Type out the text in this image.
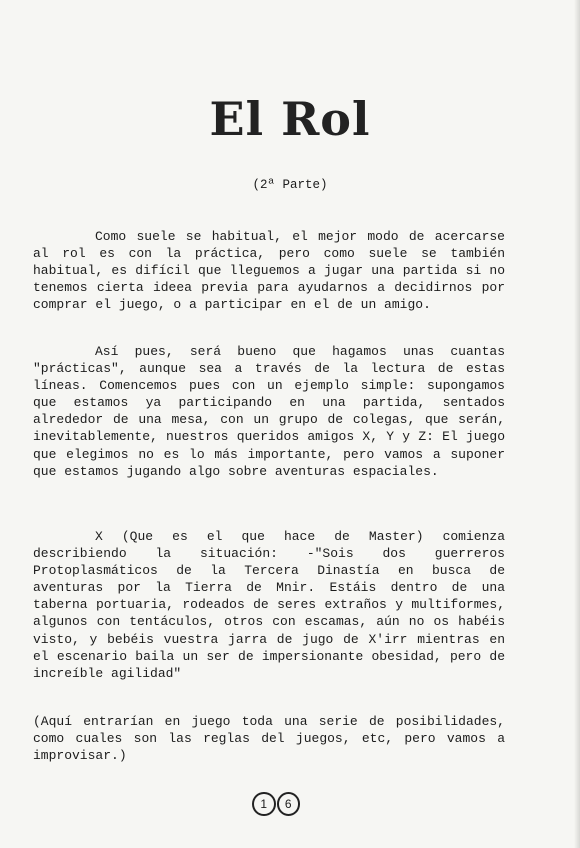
El Rol
(2ª Parte)

Como suele se habitual, el mejor modo de acercarse al rol es con la práctica, pero como suele se también habitual, es difícil que lleguemos a jugar una partida si no tenemos cierta ideea previa para ayudarnos a decidirnos por comprar el juego, o a participar en el de un amigo.

Así pues, será bueno que hagamos unas cuantas "prácticas", aunque sea a través de la lectura de estas líneas. Comencemos pues con un ejemplo simple: supongamos que estamos ya participando en una partida, sentados alrededor de una mesa, con un grupo de colegas, que serán, inevitablemente, nuestros queridos amigos X, Y y Z: El juego que elegimos no es lo más importante, pero vamos a suponer que estamos jugando algo sobre aventuras espaciales.

X (Que es el que hace de Master) comienza describiendo la situación: -"Sois dos guerreros Protoplasmáticos de la Tercera Dinastía en busca de aventuras por la Tierra de Mnir. Estáis dentro de una taberna portuaria, rodeados de seres extraños y multiformes, algunos con tentáculos, otros con escamas, aún no os habéis visto, y bebéis vuestra jarra de jugo de X'irr mientras en el escenario baila un ser de impersionante obesidad, pero de increíble agilidad"

(Aquí entrarían en juego toda una serie de posibilidades, como cuales son las reglas del juegos, etc, pero vamos a improvisar.)

1	6
